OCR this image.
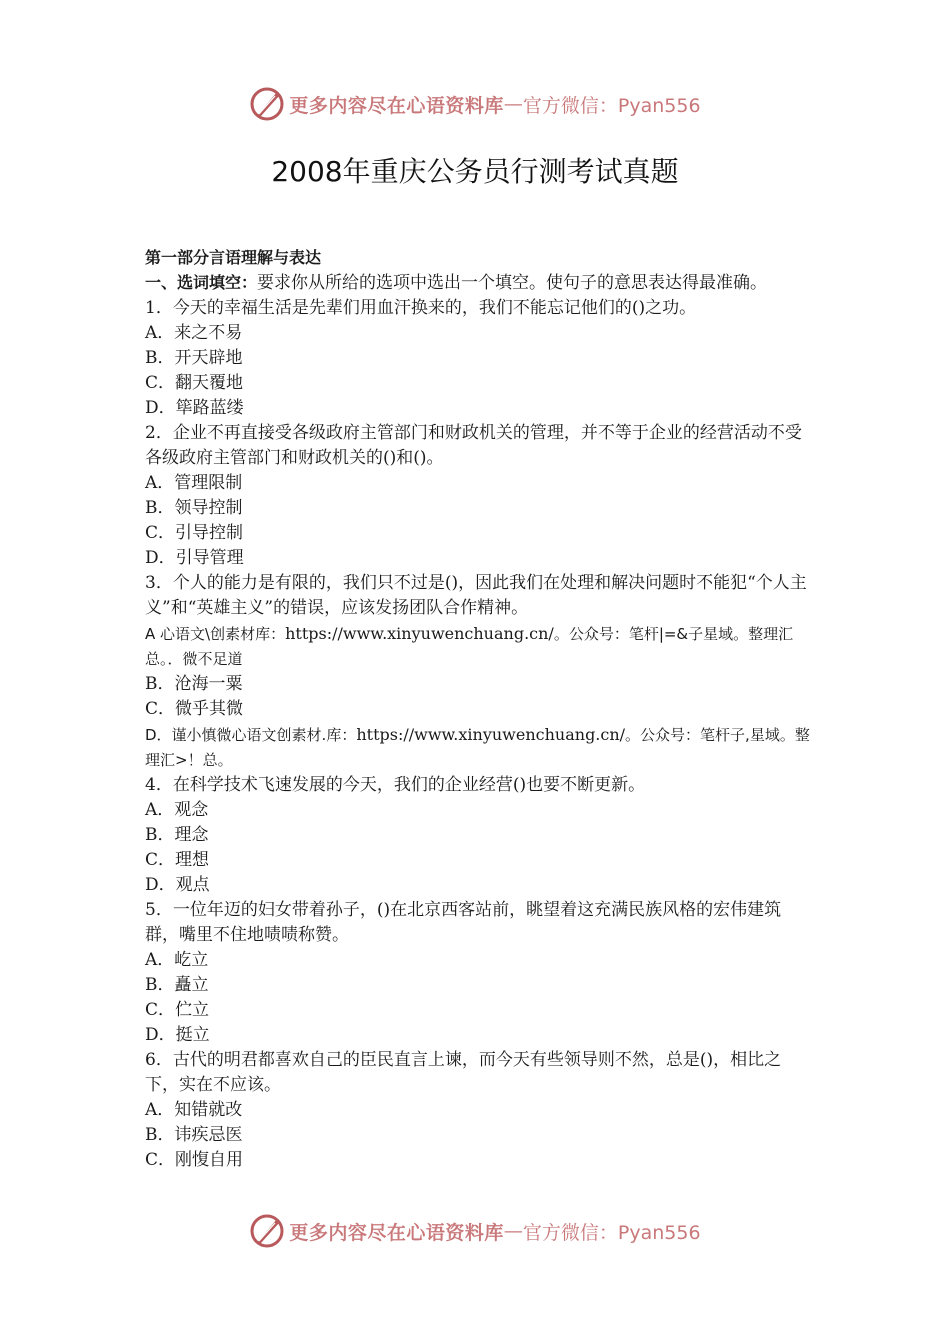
更多内容尽在心语资料库 — 官方微信：Pyan556
2008年重庆公务员行测考试真题

第一部分言语理解与表达

一、选词填空：要求你从所给的选项中选出一个填空。使句子的意思表达得最准确。

1．今天的幸福生活是先辈们用血汗换来的，我们不能忘记他们的()之功。

A．来之不易

B．开天辟地

C．翻天覆地

D．筚路蓝缕

2．企业不再直接受各级政府主管部门和财政机关的管理，并不等于企业的经营活动不受各级政府主管部门和财政机关的()和()。

A．管理限制

B．领导控制

C．引导控制

D．引导管理

3．个人的能力是有限的，我们只不过是()，因此我们在处理和解决问题时不能犯“个人主义”和“英雄主义”的错误，应该发扬团队合作精神。

A 心语文\创素材库：https://www.xinyuwenchuang.cn/。公众号：笔杆|=&子星域。整理汇总。．微不足道

B．沧海一粟

C．微乎其微

D．谨小慎微心语文创素材.库：https://www.xinyuwenchuang.cn/。公众号：笔杆子,星域。整理汇>！总。

4．在科学技术飞速发展的今天，我们的企业经营()也要不断更新。

A．观念

B．理念

C．理想

D．观点

5．一位年迈的妇女带着孙子，()在北京西客站前，眺望着这充满民族风格的宏伟建筑群，嘴里不住地啧啧称赞。

A．屹立

B．矗立

C．伫立

D．挺立

6．古代的明君都喜欢自己的臣民直言上谏，而今天有些领导则不然，总是()，相比之下，实在不应该。

A．知错就改

B．讳疾忌医

C．刚愎自用

更多内容尽在心语资料库 — 官方微信：Pyan556
